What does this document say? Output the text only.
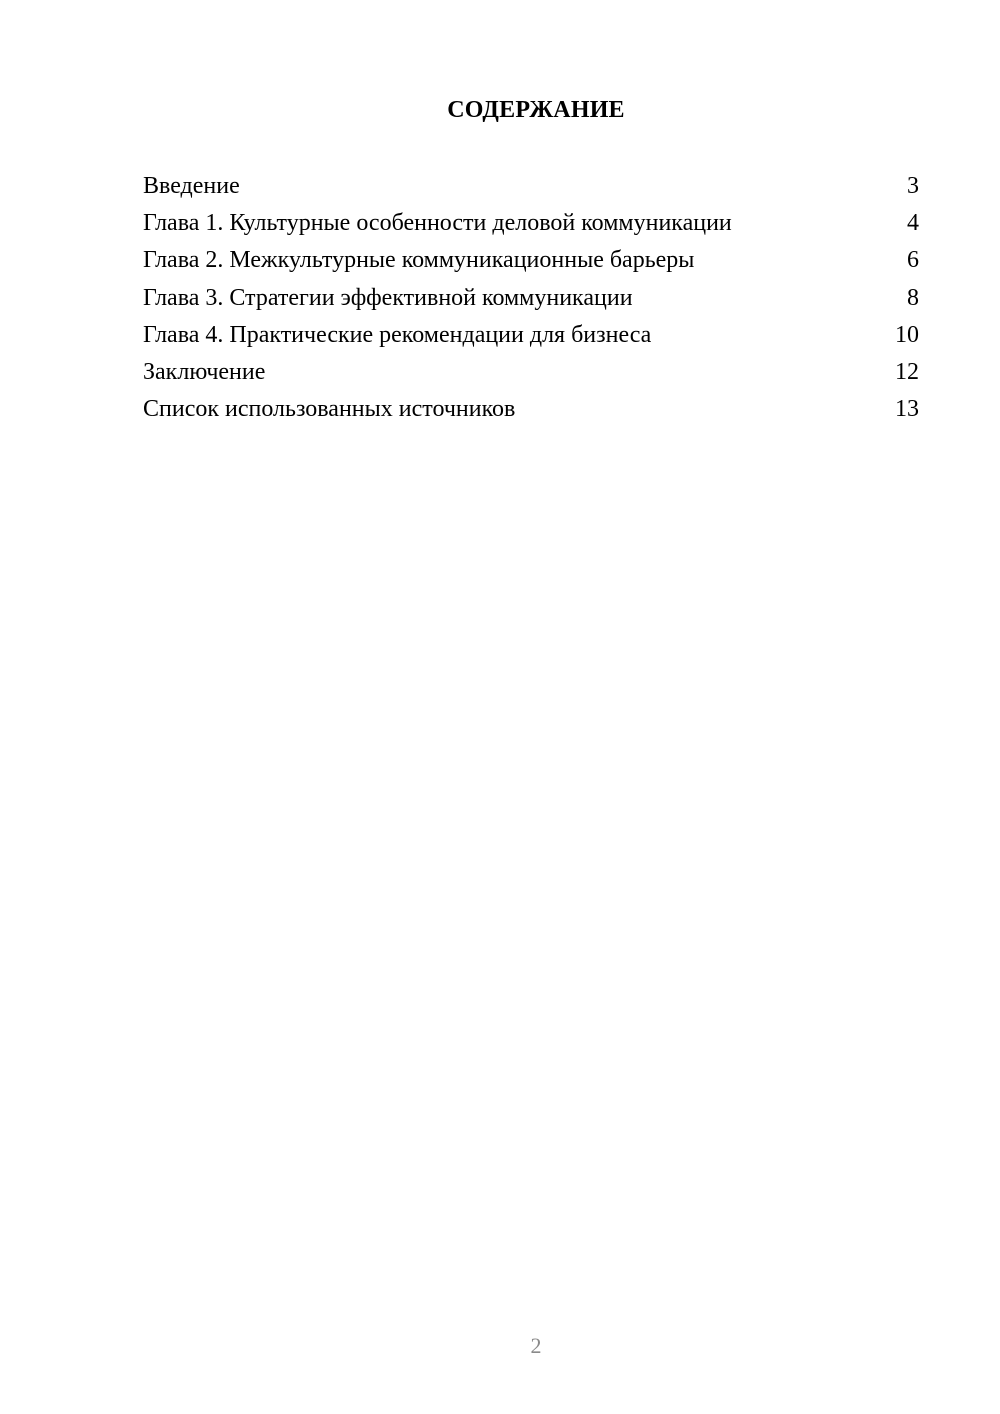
СОДЕРЖАНИЕ
Введение	3
Глава 1. Культурные особенности деловой коммуникации	4
Глава 2. Межкультурные коммуникационные барьеры	6
Глава 3. Стратегии эффективной коммуникации	8
Глава 4. Практические рекомендации для бизнеса	10
Заключение	12
Список использованных источников	13
2
